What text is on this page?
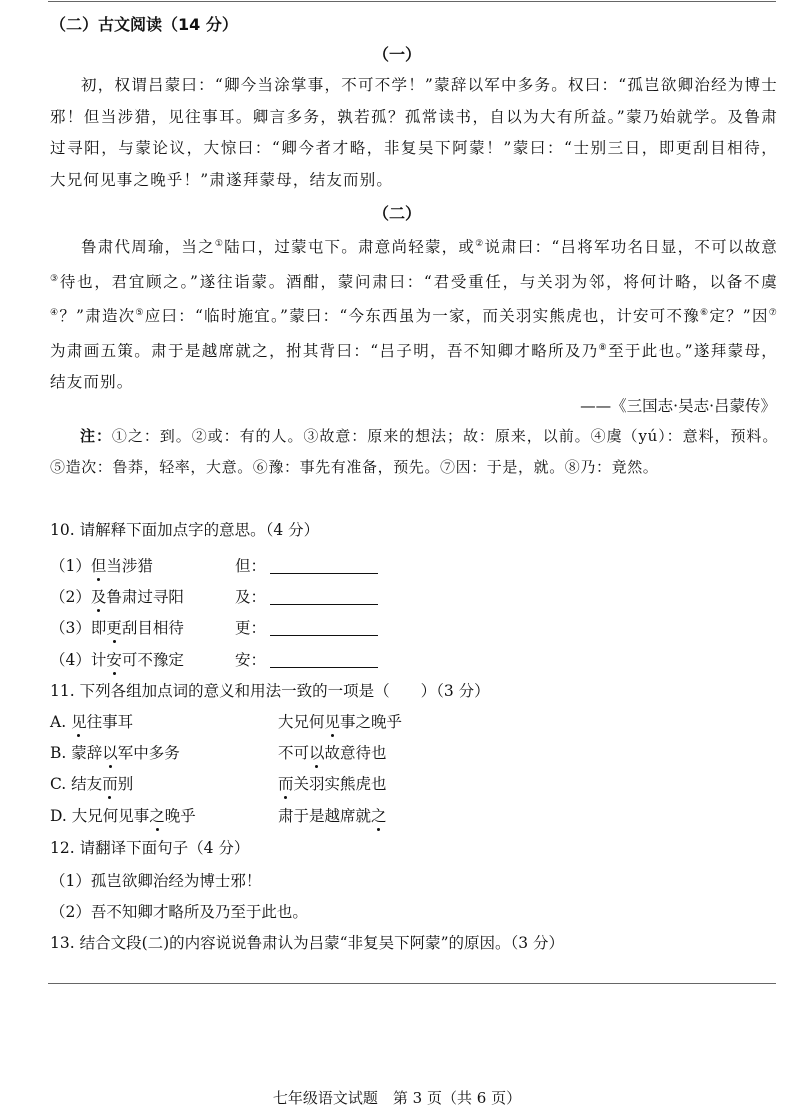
（二）古文阅读（14 分）
（一）
初，权谓吕蒙曰：“卿今当涂掌事，不可不学！”蒙辞以军中多务。权曰：“孤岂欲卿治经为博士邪！但当涉猎，见往事耳。卿言多务，孰若孤？孤常读书，自以为大有所益。”蒙乃始就学。及鲁肃过寻阳，与蒙论议，大惊曰：“卿今者才略，非复吴下阿蒙！”蒙曰：“士别三日，即更刮目相待，大兄何见事之晚乎！”肃遂拜蒙母，结友而别。
（二）
鲁肃代周瑜，当之①陆口，过蒙屯下。肃意尚轻蒙，或②说肃曰：“吕将军功名日显，不可以故意③待也，君宜顾之。”遂往诣蒙。酒酣，蒙问肃曰：“君受重任，与关羽为邻，将何计略，以备不虞④？”肃造次⑤应曰：“临时施宜。”蒙曰：“今东西虽为一家，而关羽实熊虎也，计安可不豫⑥定？”因⑦为肃画五策。肃于是越席就之，拊其背曰：“吕子明，吾不知卿才略所及乃⑧至于此也。”遂拜蒙母，结友而别。
——《三国志·吴志·吕蒙传》
注：①之：到。②或：有的人。③故意：原来的想法；故：原来，以前。④虞（yú）：意料，预料。⑤造次：鲁莽，轻率，大意。⑥豫：事先有准备，预先。⑦因：于是，就。⑧乃：竟然。
10. 请解释下面加点字的意思。（4 分）
（1）但当涉猎	但：
（2）及鲁肃过寻阳	及：
（3）即更刮目相待	更：
（4）计安可不豫定	安：
11. 下列各组加点词的意义和用法一致的一项是（　　）（3 分）
A. 见往事耳	大兄何见事之晚乎
B. 蒙辞以军中多务	不可以故意待也
C. 结友而别	而关羽实熊虎也
D. 大兄何见事之晚乎	肃于是越席就之
12. 请翻译下面句子（4 分）
（1）孤岂欲卿治经为博士邪！
（2）吾不知卿才略所及乃至于此也。
13. 结合文段(二)的内容说说鲁肃认为吕蒙“非复吴下阿蒙”的原因。（3 分）
七年级语文试题　第 3 页（共 6 页）
